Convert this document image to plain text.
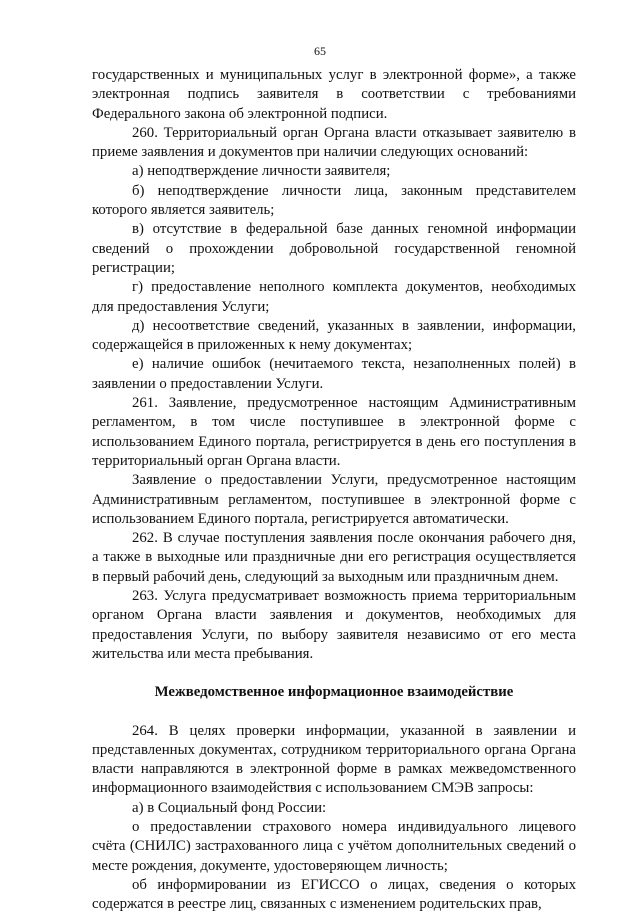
65

государственных и муниципальных услуг в электронной форме», а также электронная подпись заявителя в соответствии с требованиями Федерального закона об электронной подписи.

260. Территориальный орган Органа власти отказывает заявителю в приеме заявления и документов при наличии следующих оснований:

а) неподтверждение личности заявителя;

б) неподтверждение личности лица, законным представителем которого является заявитель;

в) отсутствие в федеральной базе данных геномной информации сведений о прохождении добровольной государственной геномной регистрации;

г) предоставление неполного комплекта документов, необходимых для предоставления Услуги;

д) несоответствие сведений, указанных в заявлении, информации, содержащейся в приложенных к нему документах;

е) наличие ошибок (нечитаемого текста, незаполненных полей) в заявлении о предоставлении Услуги.

261. Заявление, предусмотренное настоящим Административным регламентом, в том числе поступившее в электронной форме с использованием Единого портала, регистрируется в день его поступления в территориальный орган Органа власти.

Заявление о предоставлении Услуги, предусмотренное настоящим Административным регламентом, поступившее в электронной форме с использованием Единого портала, регистрируется автоматически.

262. В случае поступления заявления после окончания рабочего дня, а также в выходные или праздничные дни его регистрация осуществляется в первый рабочий день, следующий за выходным или праздничным днем.

263. Услуга предусматривает возможность приема территориальным органом Органа власти заявления и документов, необходимых для предоставления Услуги, по выбору заявителя независимо от его места жительства или места пребывания.

Межведомственное информационное взаимодействие

264. В целях проверки информации, указанной в заявлении и представленных документах, сотрудником территориального органа Органа власти направляются в электронной форме в рамках межведомственного информационного взаимодействия с использованием СМЭВ запросы:

а) в Социальный фонд России:

о предоставлении страхового номера индивидуального лицевого счёта (СНИЛС) застрахованного лица с учётом дополнительных сведений о месте рождения, документе, удостоверяющем личность;

об информировании из ЕГИССО о лицах, сведения о которых содержатся в реестре лиц, связанных с изменением родительских прав,
